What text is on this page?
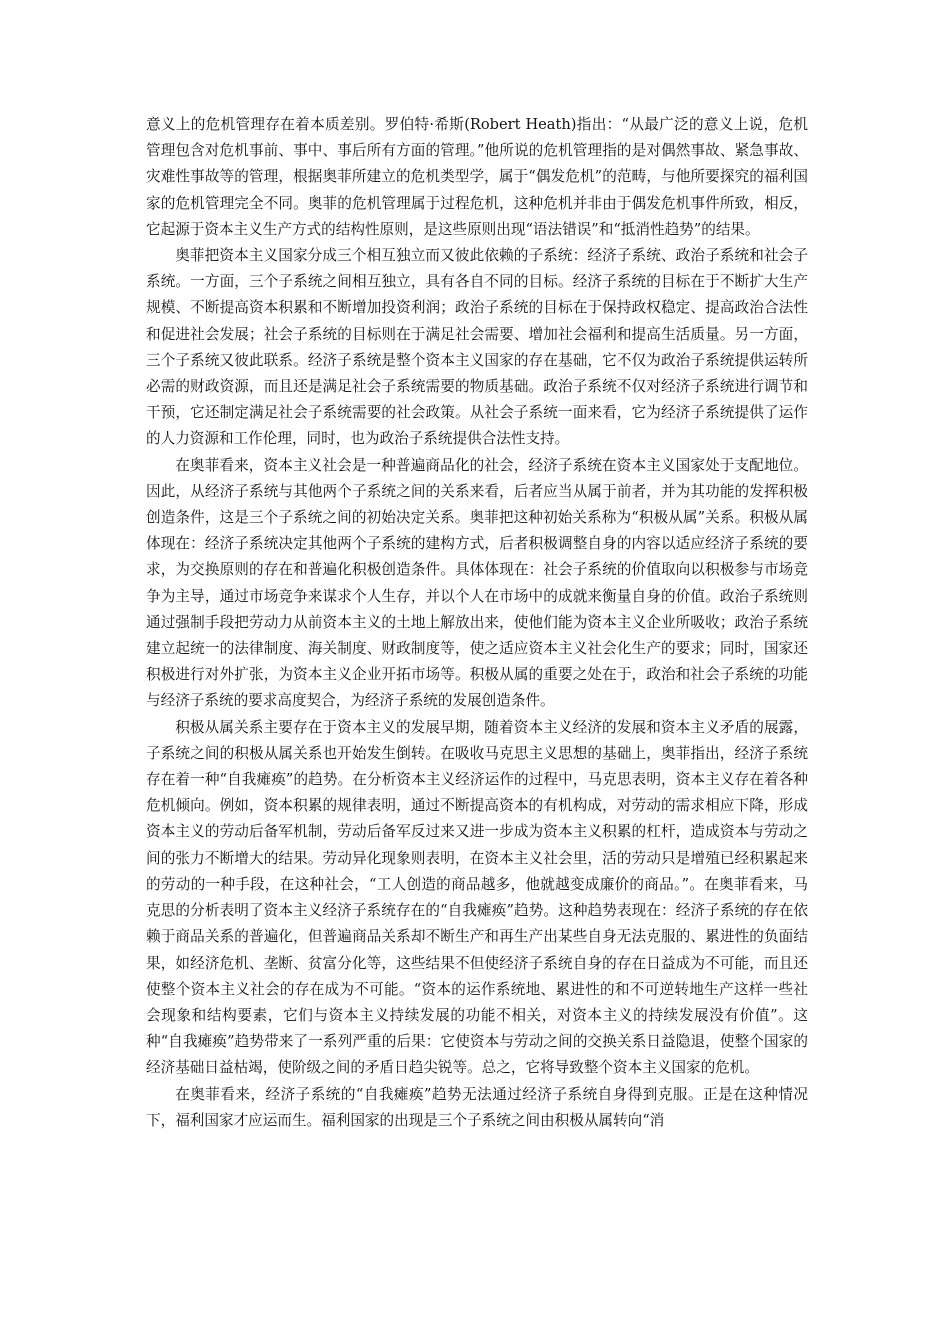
意义上的危机管理存在着本质差别。罗伯特·希斯(Robert Heath)指出：“从最广泛的意义上说，危机管理包含对危机事前、事中、事后所有方面的管理。”他所说的危机管理指的是对偶然事故、紧急事故、灾难性事故等的管理，根据奥菲所建立的危机类型学，属于“偶发危机”的范畴，与他所要探究的福利国家的危机管理完全不同。奥菲的危机管理属于过程危机，这种危机并非由于偶发危机事件所致，相反，它起源于资本主义生产方式的结构性原则，是这些原则出现“语法错误”和“抵消性趋势”的结果。

奥菲把资本主义国家分成三个相互独立而又彼此依赖的子系统：经济子系统、政治子系统和社会子系统。一方面，三个子系统之间相互独立，具有各自不同的目标。经济子系统的目标在于不断扩大生产规模、不断提高资本积累和不断增加投资利润；政治子系统的目标在于保持政权稳定、提高政治合法性和促进社会发展；社会子系统的目标则在于满足社会需要、增加社会福利和提高生活质量。另一方面，三个子系统又彼此联系。经济子系统是整个资本主义国家的存在基础，它不仅为政治子系统提供运转所必需的财政资源，而且还是满足社会子系统需要的物质基础。政治子系统不仅对经济子系统进行调节和干预，它还制定满足社会子系统需要的社会政策。从社会子系统一面来看，它为经济子系统提供了运作的人力资源和工作伦理，同时，也为政治子系统提供合法性支持。

在奥菲看来，资本主义社会是一种普遍商品化的社会，经济子系统在资本主义国家处于支配地位。因此，从经济子系统与其他两个子系统之间的关系来看，后者应当从属于前者，并为其功能的发挥积极创造条件，这是三个子系统之间的初始决定关系。奥菲把这种初始关系称为“积极从属”关系。积极从属体现在：经济子系统决定其他两个子系统的建构方式，后者积极调整自身的内容以适应经济子系统的要求，为交换原则的存在和普遍化积极创造条件。具体体现在：社会子系统的价值取向以积极参与市场竞争为主导，通过市场竞争来谋求个人生存，并以个人在市场中的成就来衡量自身的价值。政治子系统则通过强制手段把劳动力从前资本主义的土地上解放出来，使他们能为资本主义企业所吸收；政治子系统建立起统一的法律制度、海关制度、财政制度等，使之适应资本主义社会化生产的要求；同时，国家还积极进行对外扩张，为资本主义企业开拓市场等。积极从属的重要之处在于，政治和社会子系统的功能与经济子系统的要求高度契合，为经济子系统的发展创造条件。

积极从属关系主要存在于资本主义的发展早期，随着资本主义经济的发展和资本主义矛盾的展露，子系统之间的积极从属关系也开始发生倒转。在吸收马克思主义思想的基础上，奥菲指出，经济子系统存在着一种“自我瘫痪”的趋势。在分析资本主义经济运作的过程中，马克思表明，资本主义存在着各种危机倾向。例如，资本积累的规律表明，通过不断提高资本的有机构成，对劳动的需求相应下降，形成资本主义的劳动后备军机制，劳动后备军反过来又进一步成为资本主义积累的杠杆，造成资本与劳动之间的张力不断增大的结果。劳动异化现象则表明，在资本主义社会里，活的劳动只是增殖已经积累起来的劳动的一种手段，在这种社会，“工人创造的商品越多，他就越变成廉价的商品。”。在奥菲看来，马克思的分析表明了资本主义经济子系统存在的“自我瘫痪”趋势。这种趋势表现在：经济子系统的存在依赖于商品关系的普遍化，但普遍商品关系却不断生产和再生产出某些自身无法克服的、累进性的负面结果，如经济危机、垄断、贫富分化等，这些结果不但使经济子系统自身的存在日益成为不可能，而且还使整个资本主义社会的存在成为不可能。“资本的运作系统地、累进性的和不可逆转地生产这样一些社会现象和结构要素，它们与资本主义持续发展的功能不相关，对资本主义的持续发展没有价值”。这种“自我瘫痪”趋势带来了一系列严重的后果：它使资本与劳动之间的交换关系日益隐退，使整个国家的经济基础日益枯竭，使阶级之间的矛盾日趋尖锐等。总之，它将导致整个资本主义国家的危机。

在奥菲看来，经济子系统的“自我瘫痪”趋势无法通过经济子系统自身得到克服。正是在这种情况下，福利国家才应运而生。福利国家的出现是三个子系统之间由积极从属转向“消
